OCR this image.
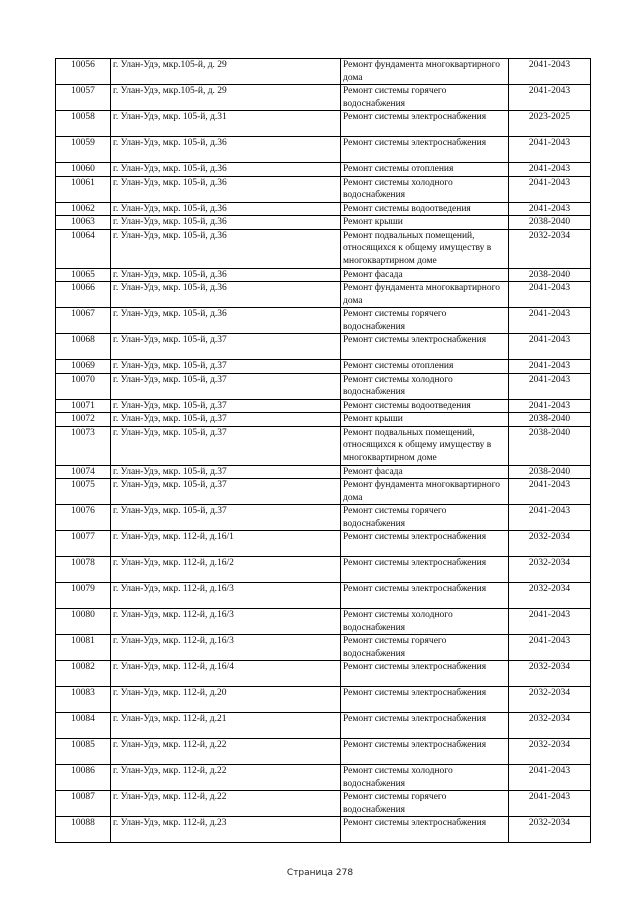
10056	г. Улан-Удэ, мкр.105-й, д. 29	Ремонт фундамента многоквартирного дома	2041-2043
10057	г. Улан-Удэ, мкр.105-й, д. 29	Ремонт системы горячего водоснабжения	2041-2043
10058	г. Улан-Удэ, мкр. 105-й, д.31	Ремонт системы электроснабжения	2023-2025
10059	г. Улан-Удэ, мкр. 105-й, д.36	Ремонт системы электроснабжения	2041-2043
10060	г. Улан-Удэ, мкр. 105-й, д.36	Ремонт системы отопления	2041-2043
10061	г. Улан-Удэ, мкр. 105-й, д.36	Ремонт системы холодного водоснабжения	2041-2043
10062	г. Улан-Удэ, мкр. 105-й, д.36	Ремонт системы водоотведения	2041-2043
10063	г. Улан-Удэ, мкр. 105-й, д.36	Ремонт крыши	2038-2040
10064	г. Улан-Удэ, мкр. 105-й, д.36	Ремонт подвальных помещений, относящихся к общему имуществу в многоквартирном доме	2032-2034
10065	г. Улан-Удэ, мкр. 105-й, д.36	Ремонт фасада	2038-2040
10066	г. Улан-Удэ, мкр. 105-й, д.36	Ремонт фундамента многоквартирного дома	2041-2043
10067	г. Улан-Удэ, мкр. 105-й, д.36	Ремонт системы горячего водоснабжения	2041-2043
10068	г. Улан-Удэ, мкр. 105-й, д.37	Ремонт системы электроснабжения	2041-2043
10069	г. Улан-Удэ, мкр. 105-й, д.37	Ремонт системы отопления	2041-2043
10070	г. Улан-Удэ, мкр. 105-й, д.37	Ремонт системы холодного водоснабжения	2041-2043
10071	г. Улан-Удэ, мкр. 105-й, д.37	Ремонт системы водоотведения	2041-2043
10072	г. Улан-Удэ, мкр. 105-й, д.37	Ремонт крыши	2038-2040
10073	г. Улан-Удэ, мкр. 105-й, д.37	Ремонт подвальных помещений, относящихся к общему имуществу в многоквартирном доме	2038-2040
10074	г. Улан-Удэ, мкр. 105-й, д.37	Ремонт фасада	2038-2040
10075	г. Улан-Удэ, мкр. 105-й, д.37	Ремонт фундамента многоквартирного дома	2041-2043
10076	г. Улан-Удэ, мкр. 105-й, д.37	Ремонт системы горячего водоснабжения	2041-2043
10077	г. Улан-Удэ, мкр. 112-й, д.16/1	Ремонт системы электроснабжения	2032-2034
10078	г. Улан-Удэ, мкр. 112-й, д.16/2	Ремонт системы электроснабжения	2032-2034
10079	г. Улан-Удэ, мкр. 112-й, д.16/3	Ремонт системы электроснабжения	2032-2034
10080	г. Улан-Удэ, мкр. 112-й, д.16/3	Ремонт системы холодного водоснабжения	2041-2043
10081	г. Улан-Удэ, мкр. 112-й, д.16/3	Ремонт системы горячего водоснабжения	2041-2043
10082	г. Улан-Удэ, мкр. 112-й, д.16/4	Ремонт системы электроснабжения	2032-2034
10083	г. Улан-Удэ, мкр. 112-й, д.20	Ремонт системы электроснабжения	2032-2034
10084	г. Улан-Удэ, мкр. 112-й, д.21	Ремонт системы электроснабжения	2032-2034
10085	г. Улан-Удэ, мкр. 112-й, д.22	Ремонт системы электроснабжения	2032-2034
10086	г. Улан-Удэ, мкр. 112-й, д.22	Ремонт системы холодного водоснабжения	2041-2043
10087	г. Улан-Удэ, мкр. 112-й, д.22	Ремонт системы горячего водоснабжения	2041-2043
10088	г. Улан-Удэ, мкр. 112-й, д.23	Ремонт системы электроснабжения	2032-2034
Страница 278
